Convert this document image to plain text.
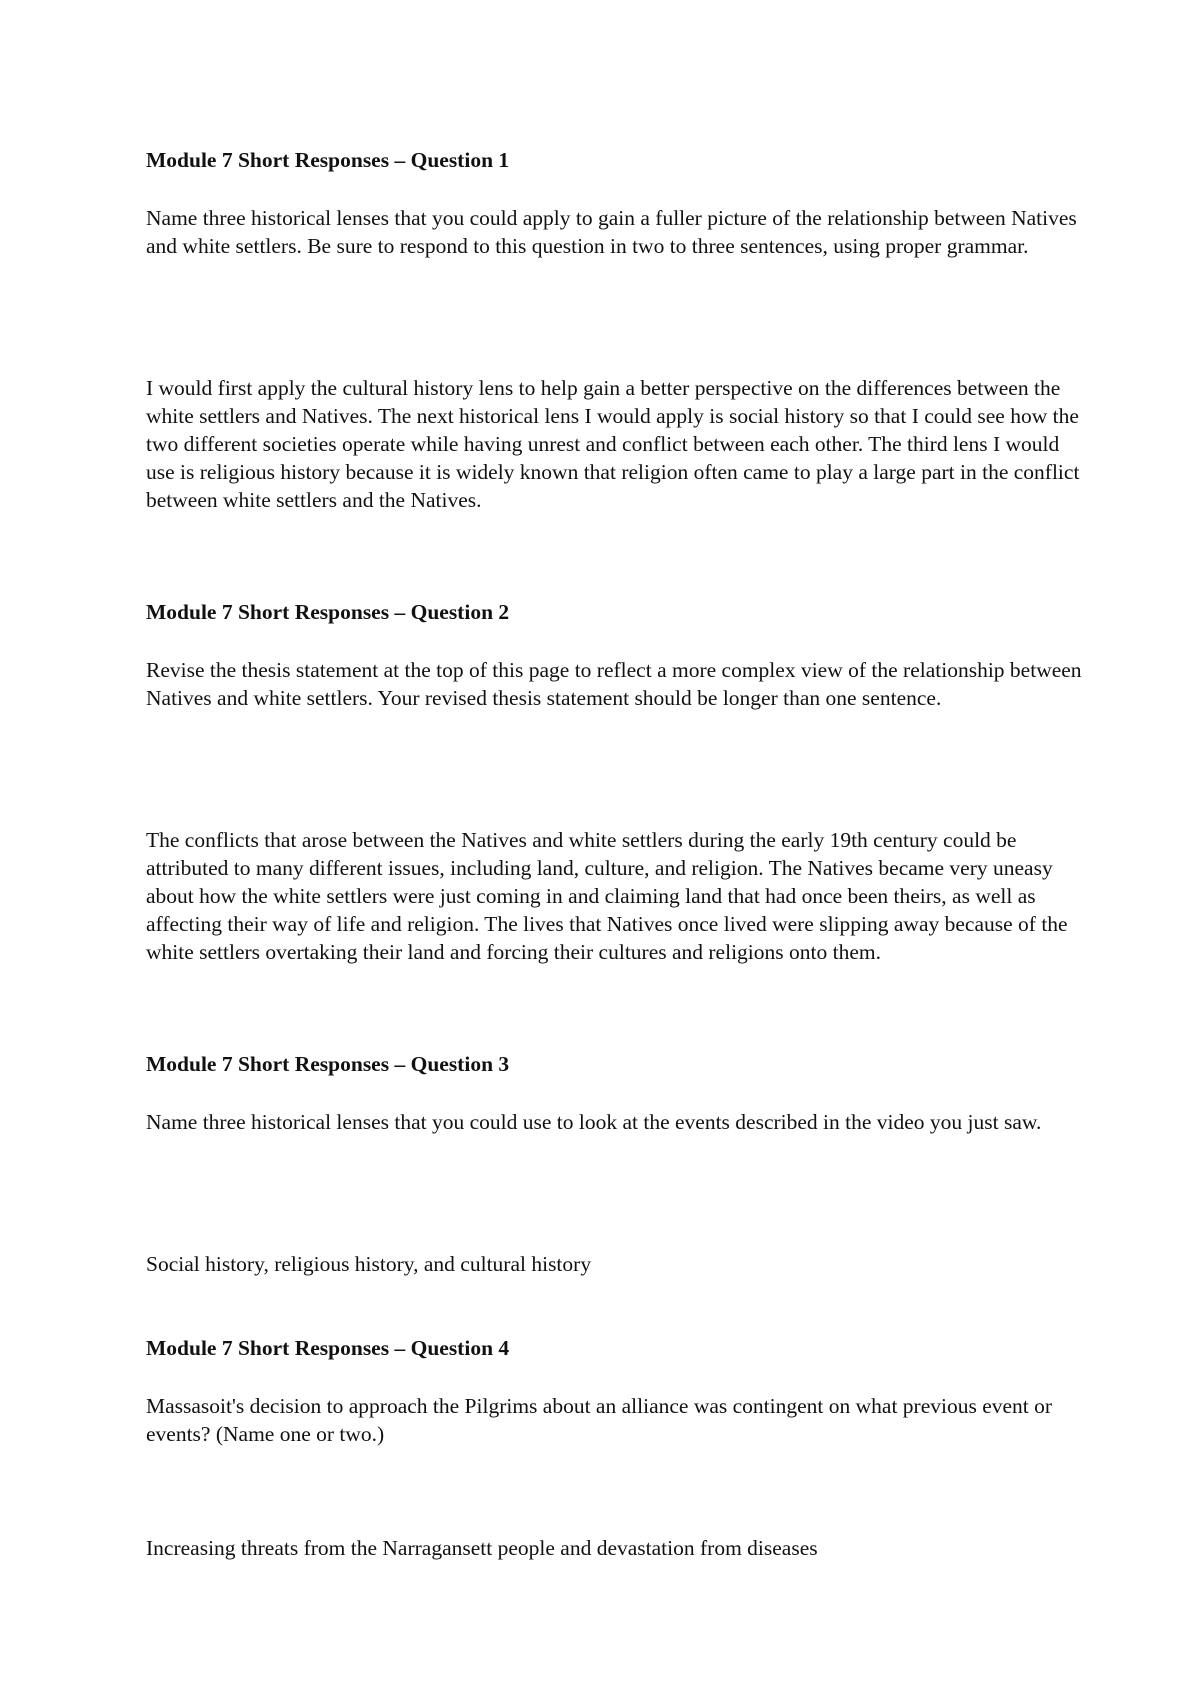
Module 7 Short Responses – Question 1

Name three historical lenses that you could apply to gain a fuller picture of the relationship between Natives and white settlers. Be sure to respond to this question in two to three sentences, using proper grammar.

I would first apply the cultural history lens to help gain a better perspective on the differences between the white settlers and Natives. The next historical lens I would apply is social history so that I could see how the two different societies operate while having unrest and conflict between each other. The third lens I would use is religious history because it is widely known that religion often came to play a large part in the conflict between white settlers and the Natives.

Module 7 Short Responses – Question 2

Revise the thesis statement at the top of this page to reflect a more complex view of the relationship between Natives and white settlers. Your revised thesis statement should be longer than one sentence.

The conflicts that arose between the Natives and white settlers during the early 19th century could be attributed to many different issues, including land, culture, and religion. The Natives became very uneasy about how the white settlers were just coming in and claiming land that had once been theirs, as well as affecting their way of life and religion. The lives that Natives once lived were slipping away because of the white settlers overtaking their land and forcing their cultures and religions onto them.

Module 7 Short Responses – Question 3

Name three historical lenses that you could use to look at the events described in the video you just saw.

Social history, religious history, and cultural history

Module 7 Short Responses – Question 4

Massasoit's decision to approach the Pilgrims about an alliance was contingent on what previous event or events? (Name one or two.)

Increasing threats from the Narragansett people and devastation from diseases
